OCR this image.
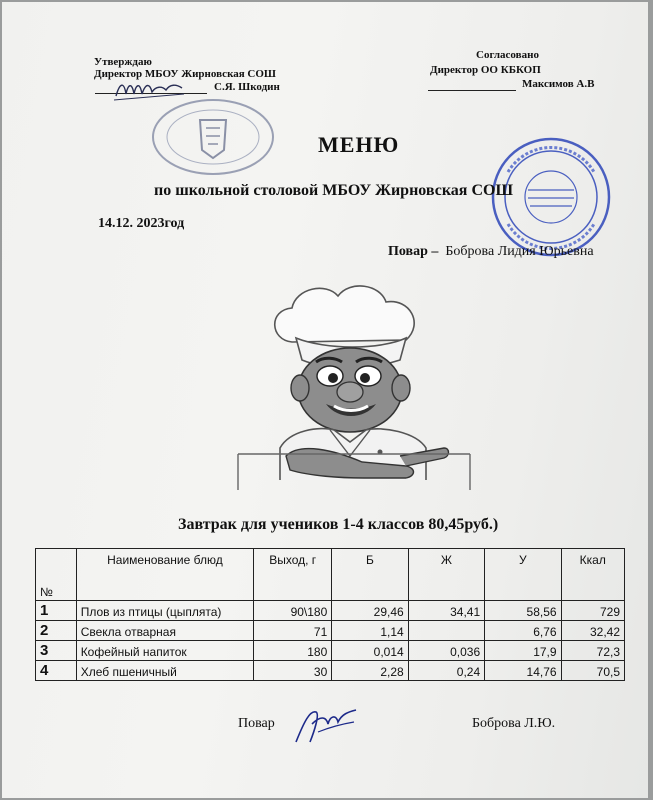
Утверждаю
Директор МБОУ Жирновская СОШ
С.Я. Шкодин
Согласовано
Директор ОО КБКОП
Максимов А.В
МЕНЮ
по школьной столовой МБОУ Жирновская СОШ
14.12. 2023год
Повар – Боброва Лидия Юрьевна
Завтрак для учеников 1-4 классов 80,45руб.)
№	Наименование блюд	Выход, г	Б	Ж	У	Ккал
1	Плов из птицы (цыплята)	90\180	29,46	34,41	58,56	729
2	Свекла отварная	71	1,14		6,76	32,42
3	Кофейный напиток	180	0,014	0,036	17,9	72,3
4	Хлеб пшеничный	30	2,28	0,24	14,76	70,5
Повар	Боброва Л.Ю.
